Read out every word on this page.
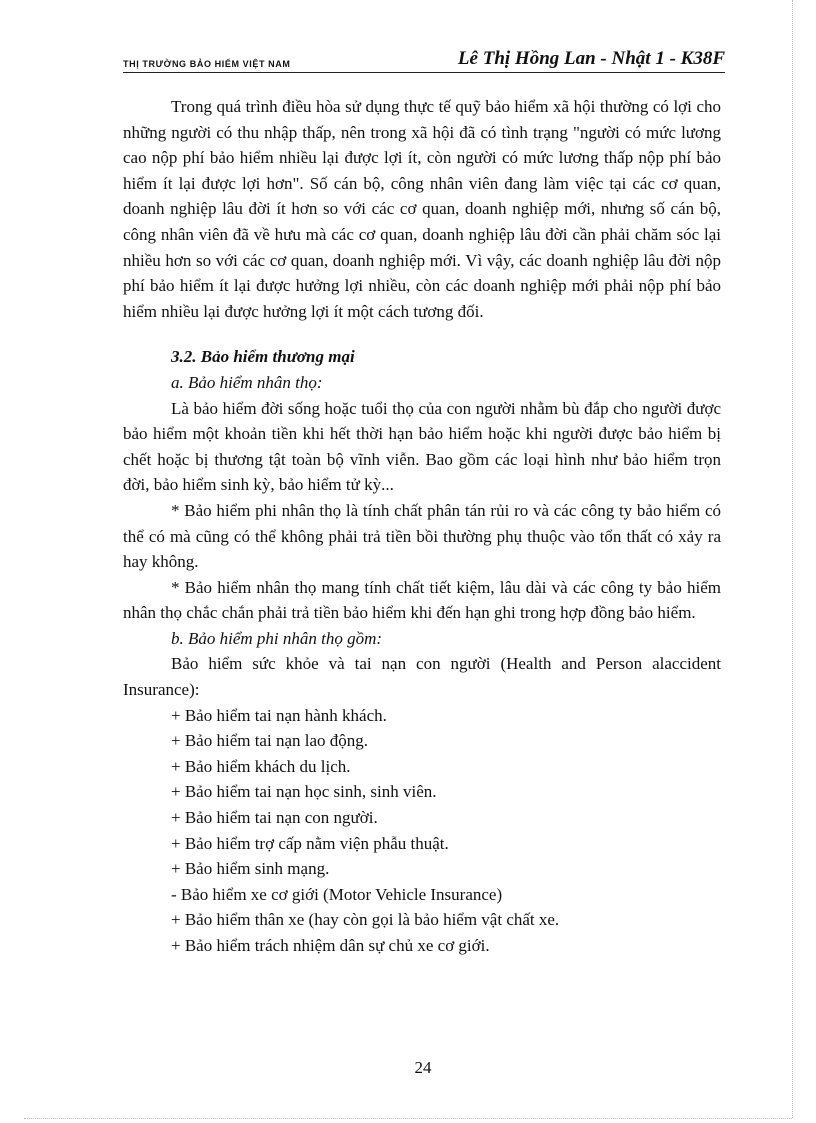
THỊ TRƯỜNG BẢO HIỂM VIỆT NAM	Lê Thị Hồng Lan - Nhật 1 - K38F

Trong quá trình điều hòa sử dụng thực tế quỹ bảo hiểm xã hội thường có lợi cho những người có thu nhập thấp, nên trong xã hội đã có tình trạng "người có mức lương cao nộp phí bảo hiểm nhiều lại được lợi ít, còn người có mức lương thấp nộp phí bảo hiểm ít lại được lợi hơn". Số cán bộ, công nhân viên đang làm việc tại các cơ quan, doanh nghiệp lâu đời ít hơn so với các cơ quan, doanh nghiệp mới, nhưng số cán bộ, công nhân viên đã về hưu mà các cơ quan, doanh nghiệp lâu đời cần phải chăm sóc lại nhiều hơn so với các cơ quan, doanh nghiệp mới. Vì vậy, các doanh nghiệp lâu đời nộp phí bảo hiểm ít lại được hưởng lợi nhiều, còn các doanh nghiệp mới phải nộp phí bảo hiểm nhiều lại được hưởng lợi ít một cách tương đối.

3.2. Bảo hiểm thương mại

a. Bảo hiểm nhân thọ:

Là bảo hiểm đời sống hoặc tuổi thọ của con người nhằm bù đắp cho người được bảo hiểm một khoản tiền khi hết thời hạn bảo hiểm hoặc khi người được bảo hiểm bị chết hoặc bị thương tật toàn bộ vĩnh viễn. Bao gồm các loại hình như bảo hiểm trọn đời, bảo hiểm sinh kỳ, bảo hiểm tử kỳ...

* Bảo hiểm phi nhân thọ là tính chất phân tán rủi ro và các công ty bảo hiểm có thể có mà cũng có thể không phải trả tiền bồi thường phụ thuộc vào tổn thất có xảy ra hay không.

* Bảo hiểm nhân thọ mang tính chất tiết kiệm, lâu dài và các công ty bảo hiểm nhân thọ chắc chắn phải trả tiền bảo hiểm khi đến hạn ghi trong hợp đồng bảo hiểm.

b. Bảo hiểm phi nhân thọ gồm:

Bảo hiểm sức khỏe và tai nạn con người (Health and Person alaccident Insurance):

+ Bảo hiểm tai nạn hành khách.
+ Bảo hiểm tai nạn lao động.
+ Bảo hiểm khách du lịch.
+ Bảo hiểm tai nạn học sinh, sinh viên.
+ Bảo hiểm tai nạn con người.
+ Bảo hiểm trợ cấp nằm viện phẫu thuật.
+ Bảo hiểm sinh mạng.
- Bảo hiểm xe cơ giới (Motor Vehicle Insurance)
+ Bảo hiểm thân xe (hay còn gọi là bảo hiểm vật chất xe.
+ Bảo hiểm trách nhiệm dân sự chủ xe cơ giới.
24
